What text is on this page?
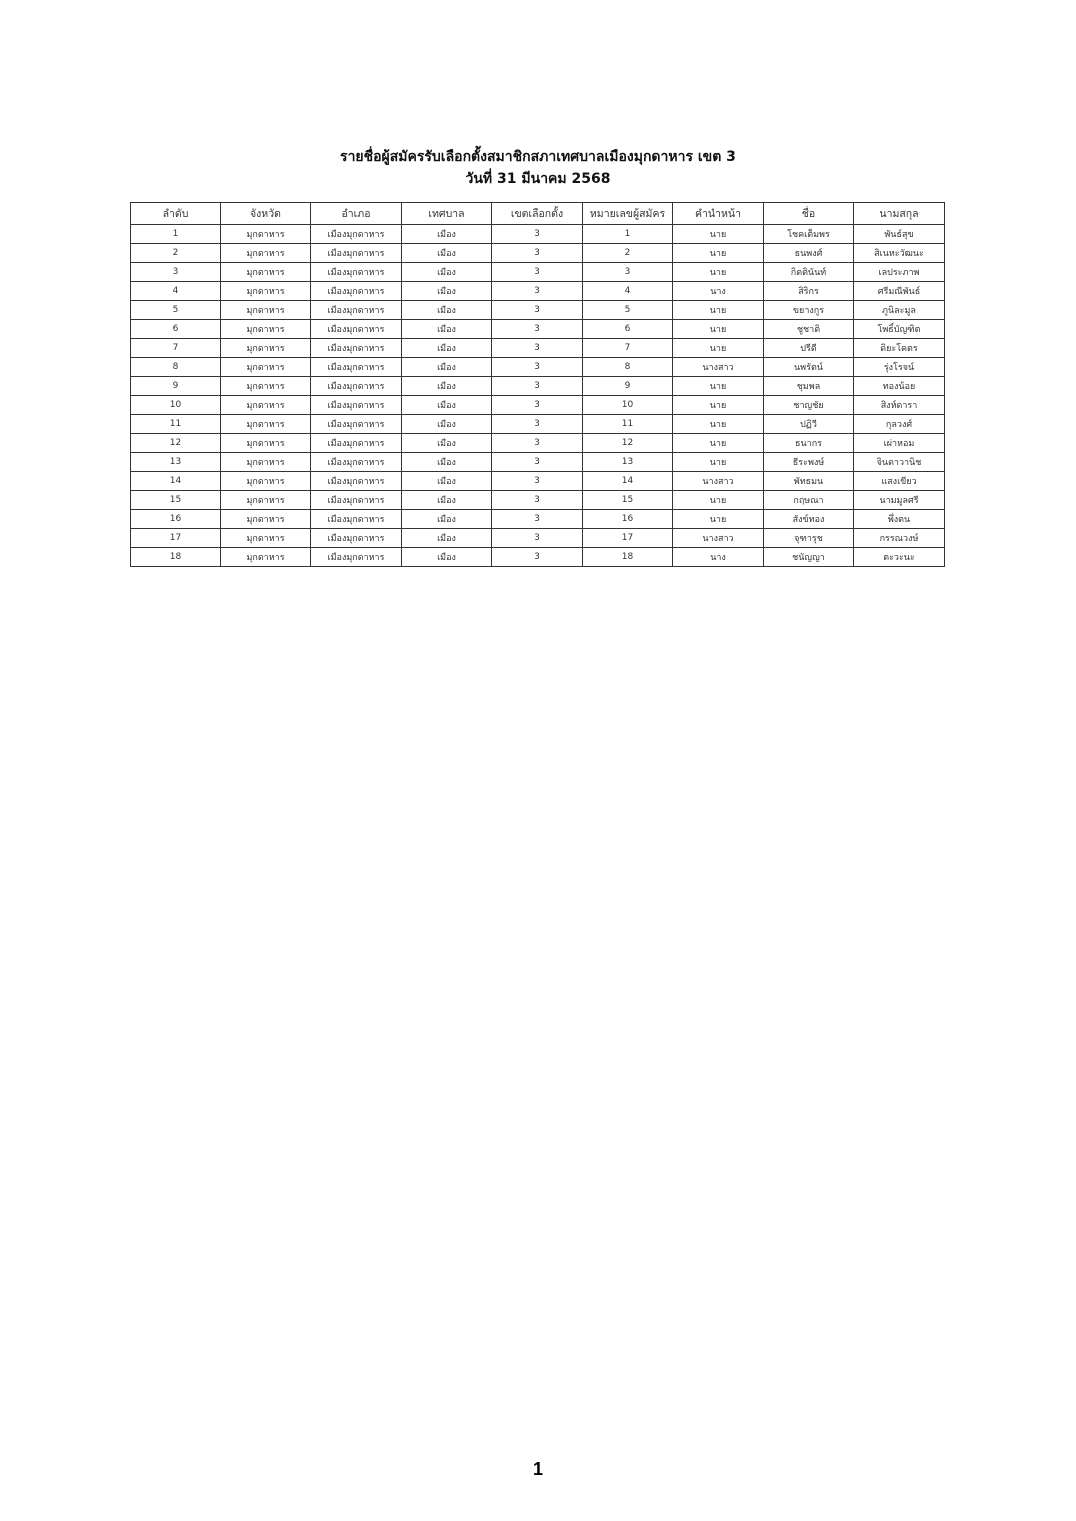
รายชื่อผู้สมัครรับเลือกตั้งสมาชิกสภาเทศบาลเมืองมุกดาหาร เขต 3
วันที่ 31 มีนาคม 2568
ลำดับ	จังหวัด	อำเภอ	เทศบาล	เขตเลือกตั้ง	หมายเลขผู้สมัคร	คำนำหน้า	ชื่อ	นามสกุล
1	มุกดาหาร	เมืองมุกดาหาร	เมือง	3	1	นาย	โชคเต็มพร	พันธ์สุข
2	มุกดาหาร	เมืองมุกดาหาร	เมือง	3	2	นาย	ธนพงศ์	สิเนหะวัฒนะ
3	มุกดาหาร	เมืองมุกดาหาร	เมือง	3	3	นาย	กิตตินันท์	เลประภาพ
4	มุกดาหาร	เมืองมุกดาหาร	เมือง	3	4	นาง	สิริกร	ศรีมณีพันธ์
5	มุกดาหาร	เมืองมุกดาหาร	เมือง	3	5	นาย	ขยางกูร	ภูนิละมูล
6	มุกดาหาร	เมืองมุกดาหาร	เมือง	3	6	นาย	ชูชาติ	โพธิ์บัญฑิต
7	มุกดาหาร	เมืองมุกดาหาร	เมือง	3	7	นาย	ปรีดี	ดิยะโคตร
8	มุกดาหาร	เมืองมุกดาหาร	เมือง	3	8	นางสาว	นพรัตน์	รุ่งโรจน์
9	มุกดาหาร	เมืองมุกดาหาร	เมือง	3	9	นาย	ชุมพล	ทองน้อย
10	มุกดาหาร	เมืองมุกดาหาร	เมือง	3	10	นาย	ชาญชัย	สิงห์ดารา
11	มุกดาหาร	เมืองมุกดาหาร	เมือง	3	11	นาย	ปฏิวี	กุลวงศ์
12	มุกดาหาร	เมืองมุกดาหาร	เมือง	3	12	นาย	ธนากร	เผ่าหอม
13	มุกดาหาร	เมืองมุกดาหาร	เมือง	3	13	นาย	ธีระพงษ์	จินดาวานิช
14	มุกดาหาร	เมืองมุกดาหาร	เมือง	3	14	นางสาว	พัทธมน	แสงเขียว
15	มุกดาหาร	เมืองมุกดาหาร	เมือง	3	15	นาย	กฤษณา	นามมูลศรี
16	มุกดาหาร	เมืองมุกดาหาร	เมือง	3	16	นาย	สังข์ทอง	พึ่งตน
17	มุกดาหาร	เมืองมุกดาหาร	เมือง	3	17	นางสาว	จุฑารุช	กรรณวงษ์
18	มุกดาหาร	เมืองมุกดาหาร	เมือง	3	18	นาง	ชนัญญา	ตะวะนะ
1
